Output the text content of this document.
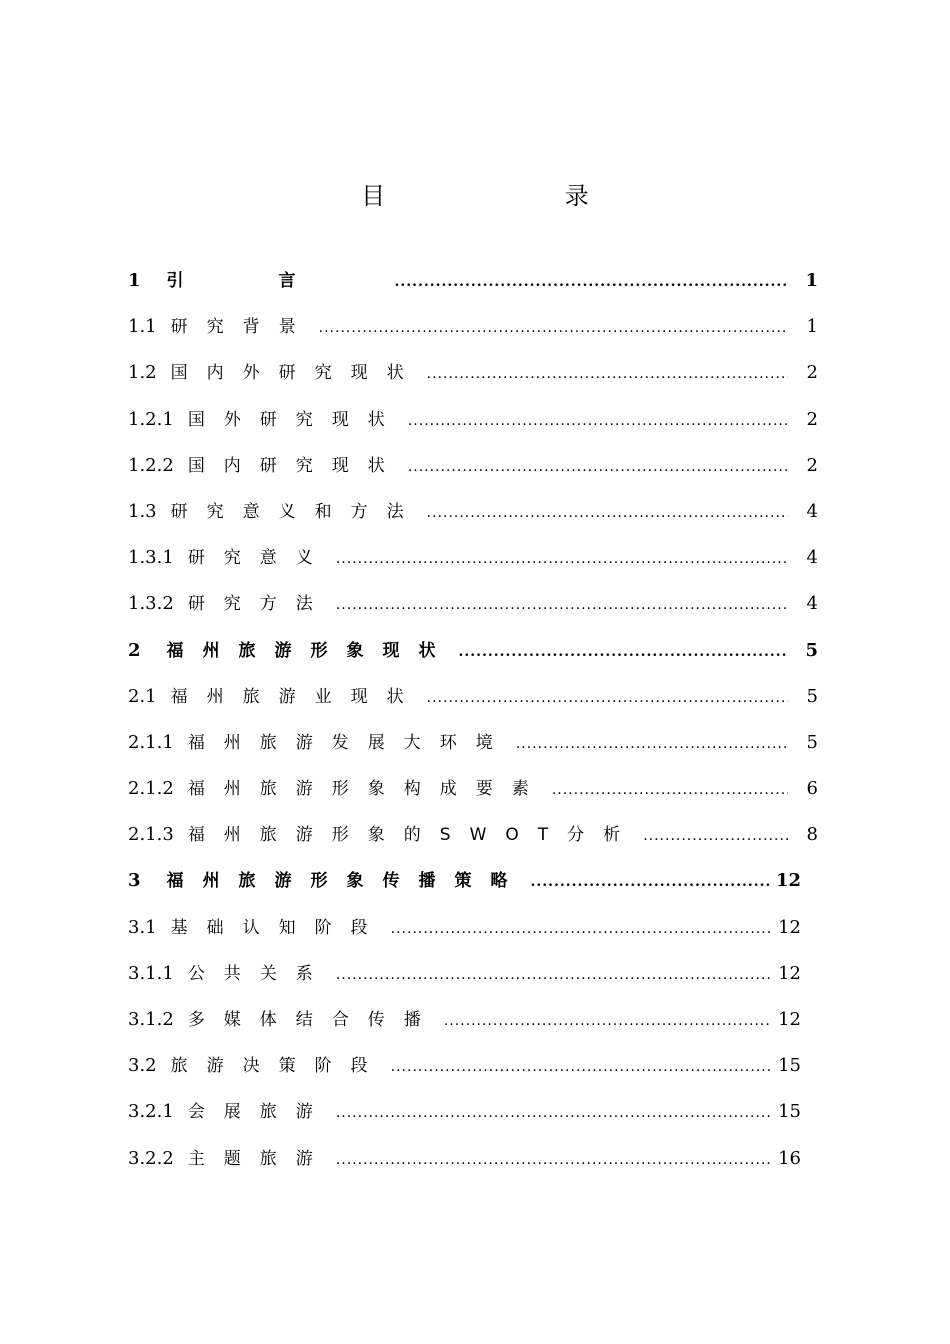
目 录
1 引言 .....	1
1.1 研究背景 .....	1
1.2 国内外研究现状 .....	2
1.2.1 国外研究现状 .....	2
1.2.2 国内研究现状 .....	2
1.3 研究意义和方法 .....	4
1.3.1 研究意义 .....	4
1.3.2 研究方法 .....	4
2 福州旅游形象现状 .....	5
2.1 福州旅游业现状 .....	5
2.1.1 福州旅游发展大环境 .....	5
2.1.2 福州旅游形象构成要素 .....	6
2.1.3 福州旅游形象的SWOT分析 .....	8
3 福州旅游形象传播策略 .....	12
3.1 基础认知阶段 .....	12
3.1.1 公共关系 .....	12
3.1.2 多媒体结合传播 .....	12
3.2 旅游决策阶段 .....	15
3.2.1 会展旅游 .....	15
3.2.2 主题旅游 .....	16
